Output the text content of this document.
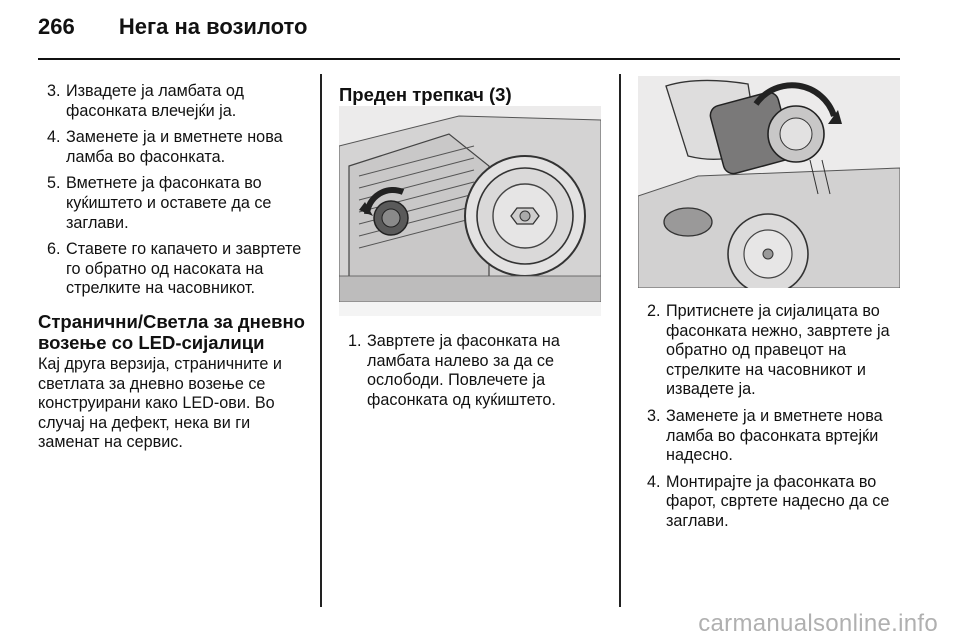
266 Нега на возилото
3. Извадете ја ламбата од фасонката влечејќи ја.
4. Заменете ја и вметнете нова ламба во фасонката.
5. Вметнете ја фасонката во куќиштето и оставете да се заглави.
6. Ставете го капачето и завртете го обратно од насоката на стрелките на часовникот.
Странични/Светла за дневно возење со LED-сијалици

Кај друга верзија, страничните и светлата за дневно возење се конструирани како LED-ови. Во случај на дефект, нека ви ги заменат на сервис.

Преден трепкач (3)
1. Завртете ја фасонката на ламбата налево за да се ослободи. Повлечете ја фасонката од куќиштето.
2. Притиснете ја сијалицата во фасонката нежно, завртете ја обратно од правецот на стрелките на часовникот и извадете ја.
3. Заменете ја и вметнете нова ламба во фасонката вртејќи надесно.
4. Монтирајте ја фасонката во фарот, свртете надесно да се заглави.
carmanualsonline.info
